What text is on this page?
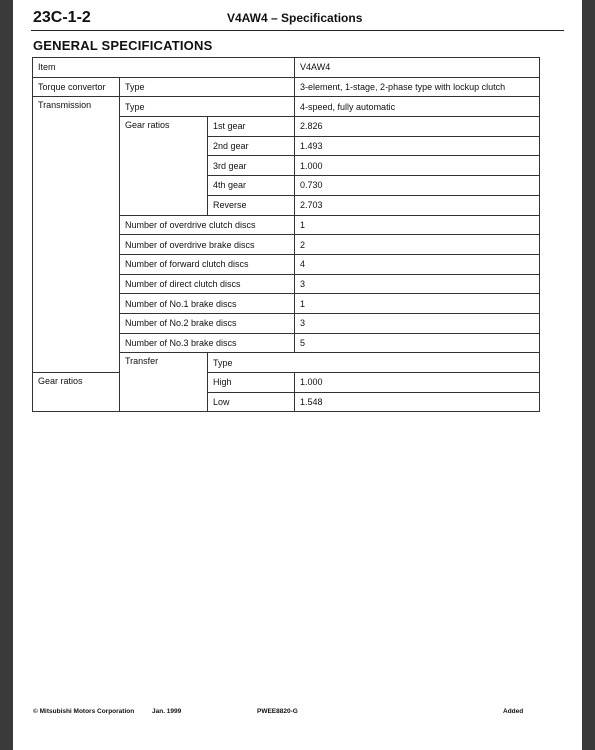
23C-1-2	V4AW4 – Specifications
GENERAL SPECIFICATIONS
Item			V4AW4	
Torque convertor	Type		3-element, 1-stage, 2-phase type with lockup clutch	
Transmission	Type		4-speed, fully automatic	
	Gear ratios	1st gear	2.826	
		2nd gear	1.493	
		3rd gear	1.000	
		4th gear	0.730	
		Reverse	2.703	
	Number of overdrive clutch discs		1	
	Number of overdrive brake discs		2	
	Number of forward clutch discs		4	
	Number of direct clutch discs		3	
	Number of No.1 brake discs		1	
	Number of No.2 brake discs		3	
	Number of No.3 brake discs		5	
	Transfer	Type	
Gear ratios		High	1.000	
		Low	1.548	
© Mitsubishi Motors Corporation	Jan. 1999	PWEE8820-G	Added
